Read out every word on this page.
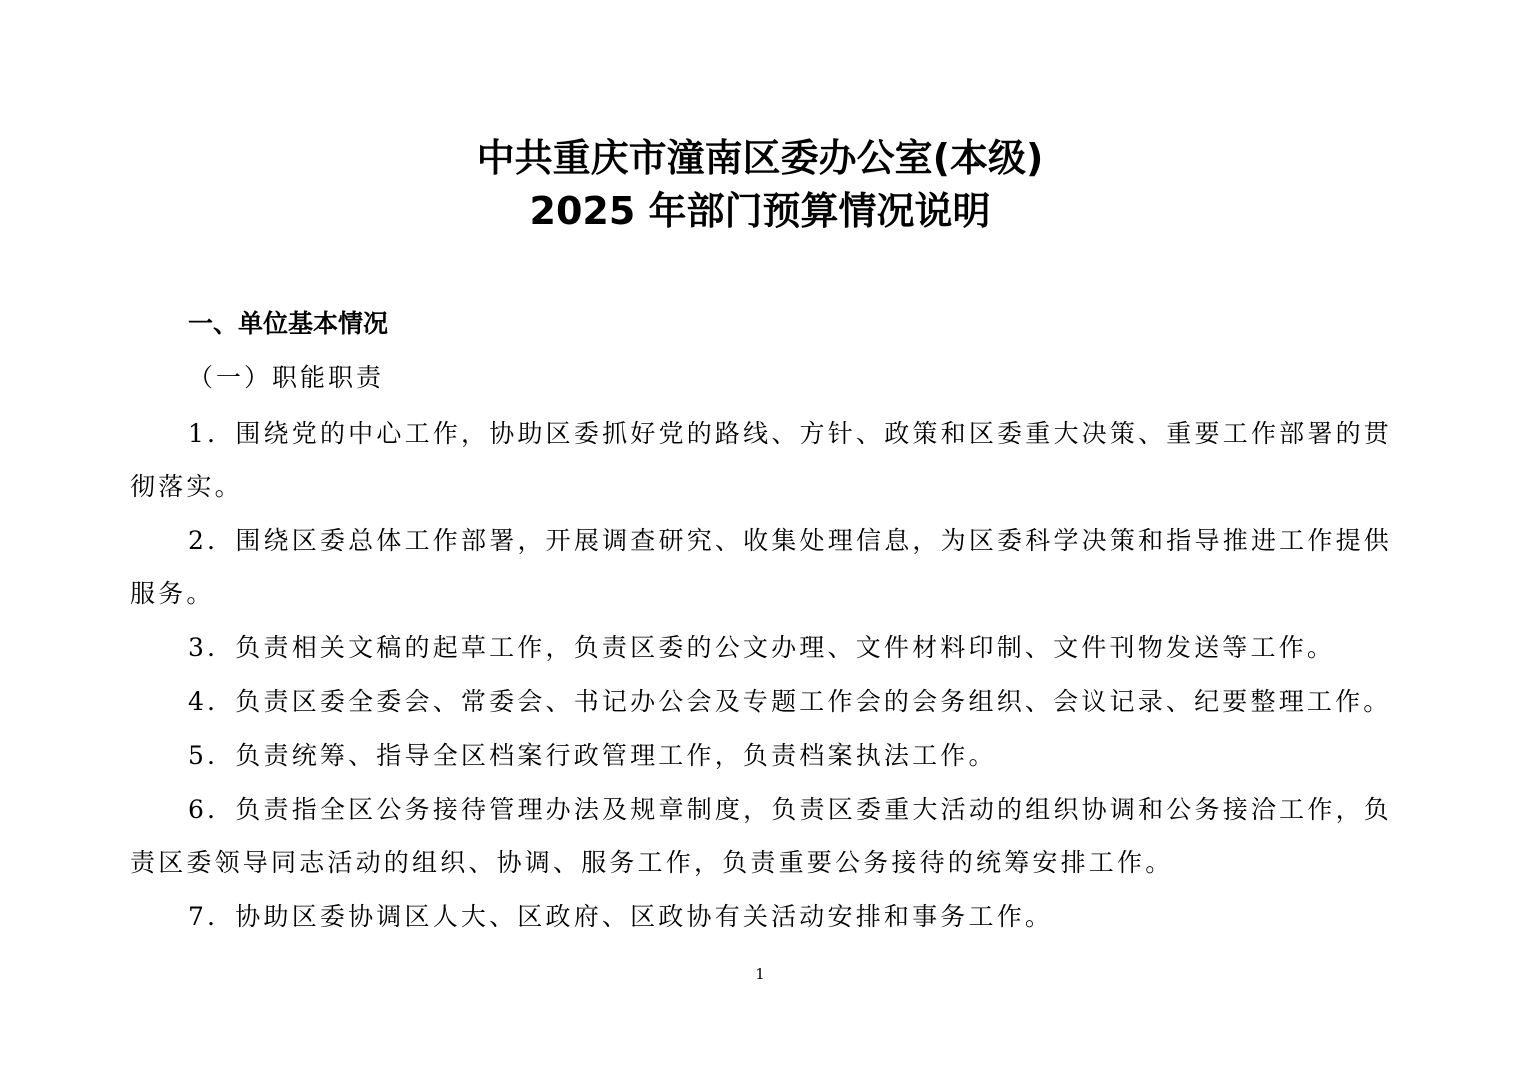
中共重庆市潼南区委办公室(本级)
2025 年部门预算情况说明
一、单位基本情况
（一）职能职责
1．围绕党的中心工作，协助区委抓好党的路线、方针、政策和区委重大决策、重要工作部署的贯彻落实。
2．围绕区委总体工作部署，开展调查研究、收集处理信息，为区委科学决策和指导推进工作提供服务。
3．负责相关文稿的起草工作，负责区委的公文办理、文件材料印制、文件刊物发送等工作。
4．负责区委全委会、常委会、书记办公会及专题工作会的会务组织、会议记录、纪要整理工作。
5．负责统筹、指导全区档案行政管理工作，负责档案执法工作。
6．负责指全区公务接待管理办法及规章制度，负责区委重大活动的组织协调和公务接洽工作，负责区委领导同志活动的组织、协调、服务工作，负责重要公务接待的统筹安排工作。
7．协助区委协调区人大、区政府、区政协有关活动安排和事务工作。
1
